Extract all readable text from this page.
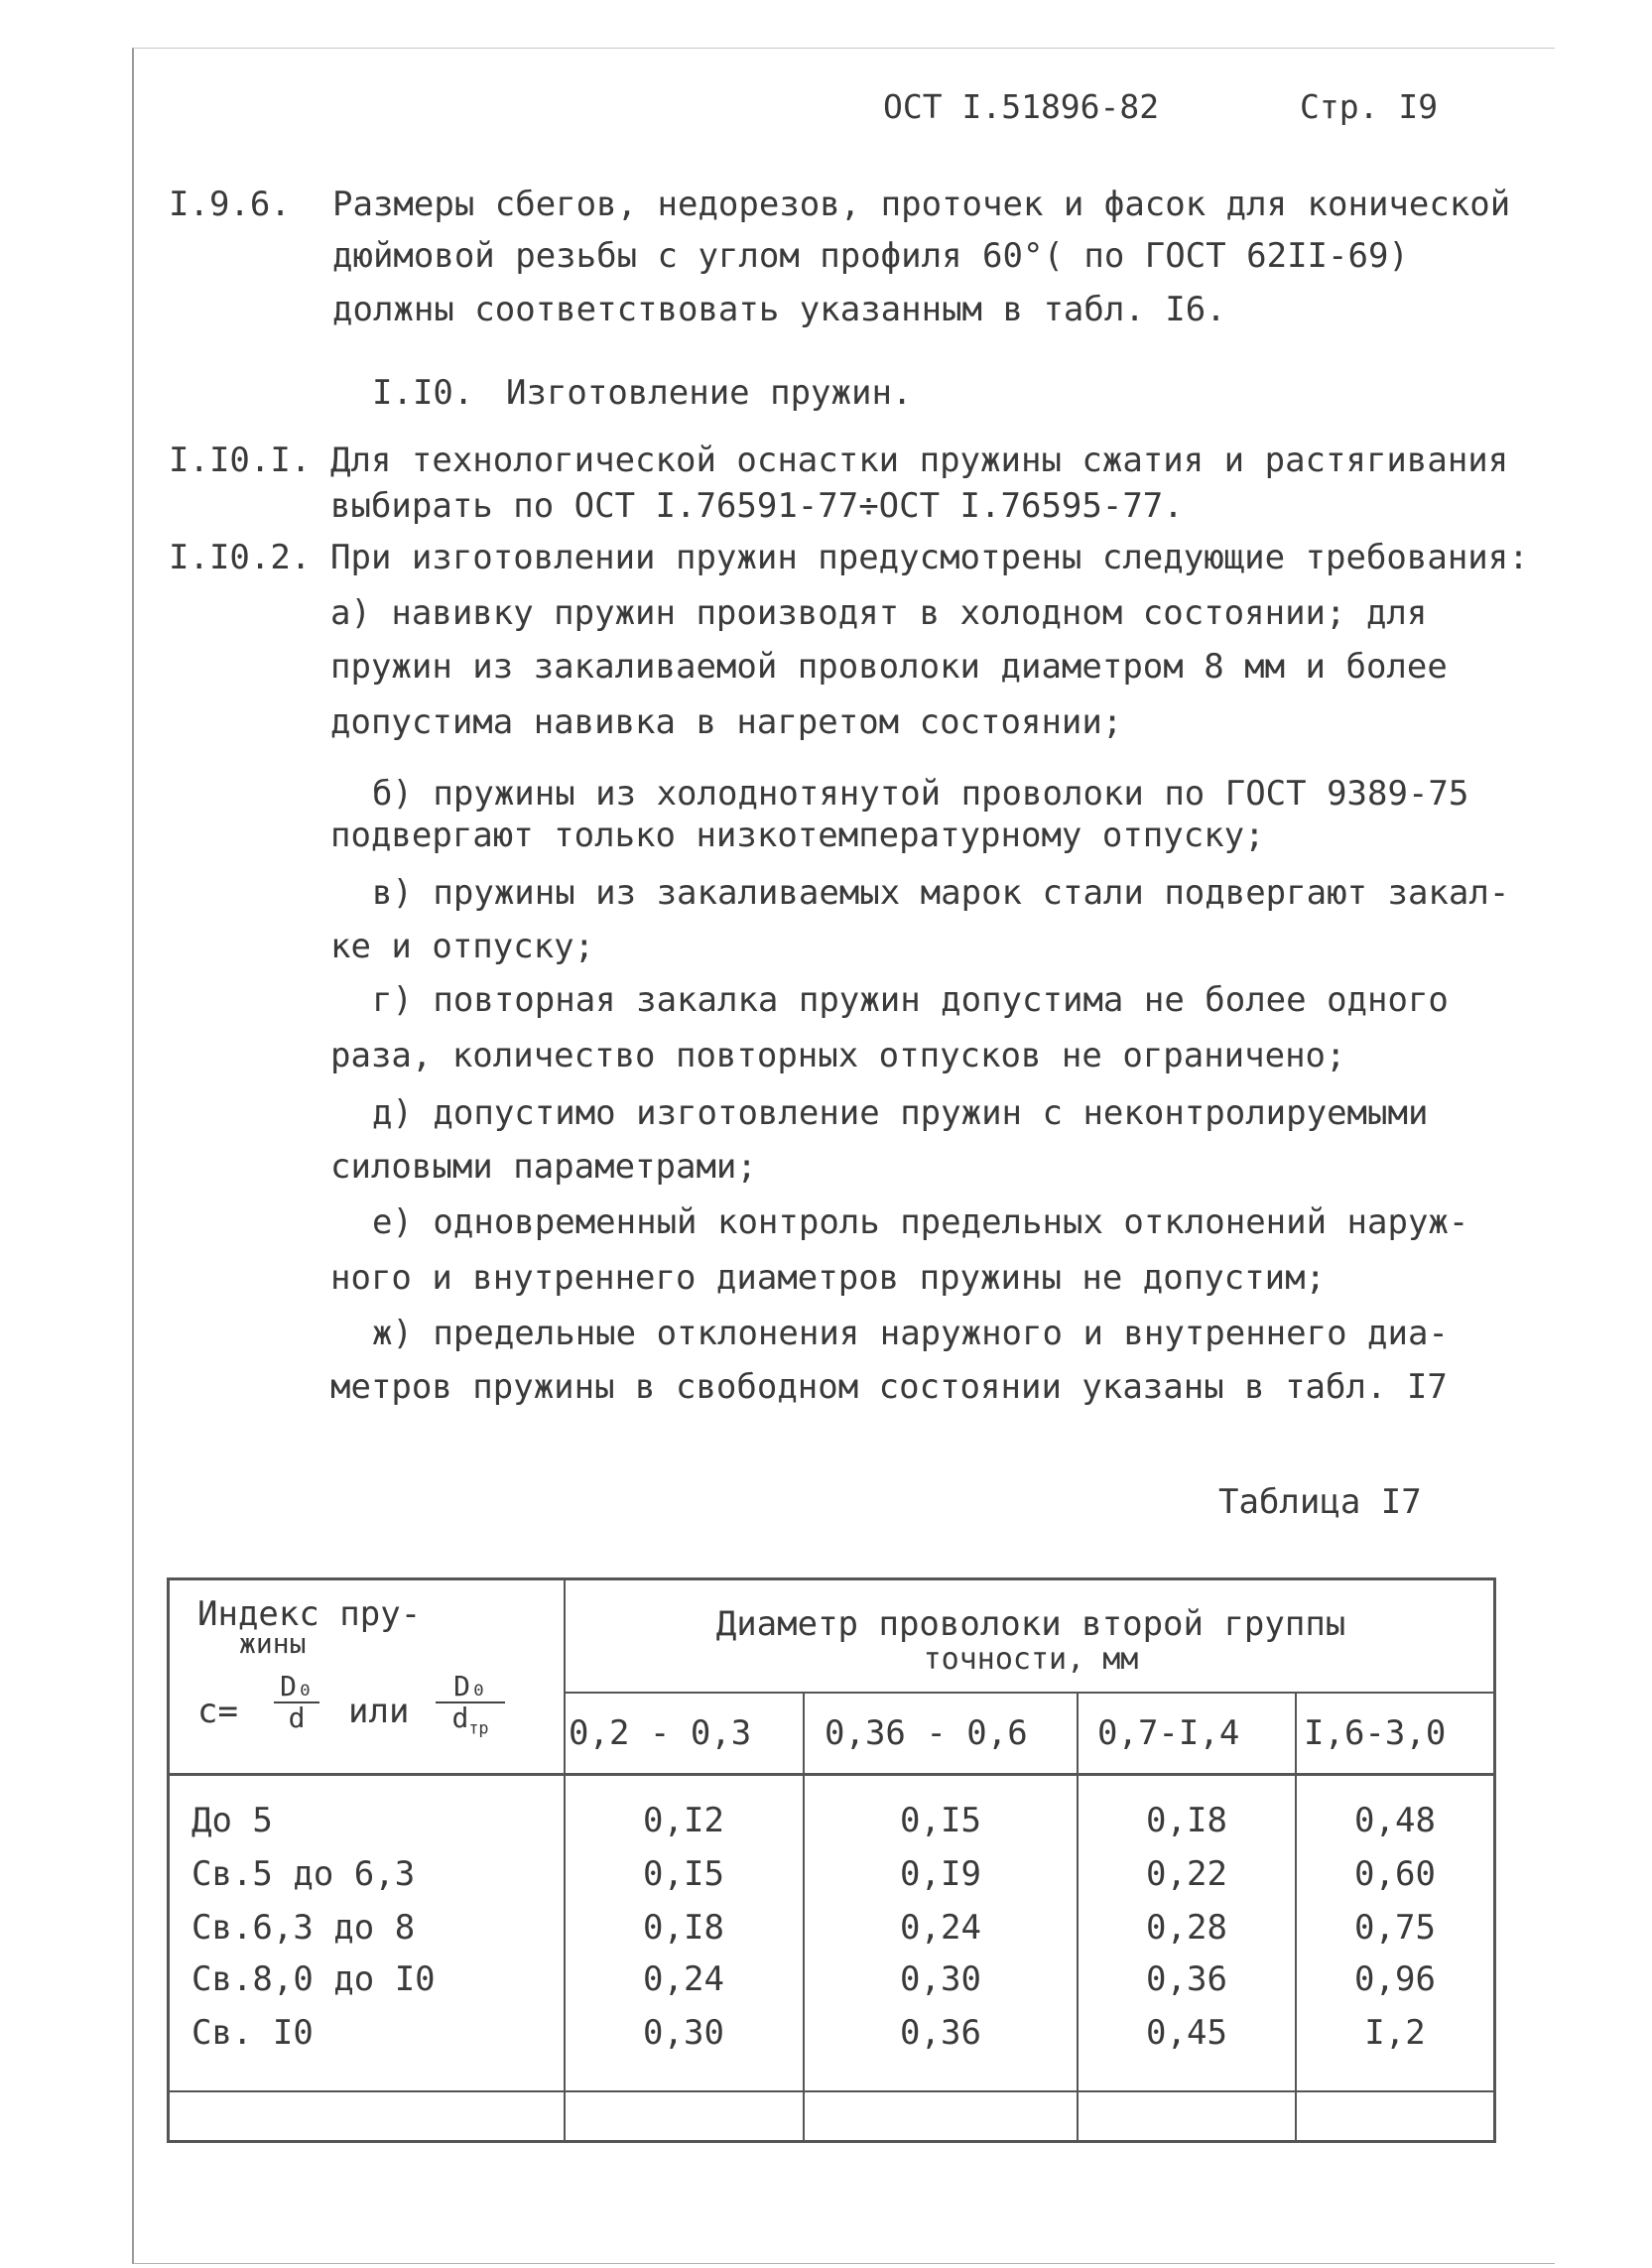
ОСТ I.51896-82	Стр. I9
I.9.6. Размеры сбегов, недорезов, проточек и фасок для конической
дюймовой резьбы с углом профиля 60°( по ГОСТ 62II-69)
должны соответствовать указанным в табл. I6.
I.I0. Изготовление пружин.
I.I0.I. Для технологической оснастки пружины сжатия и растягивания
выбирать по ОСТ I.76591-77÷ОСТ I.76595-77.
I.I0.2. При изготовлении пружин предусмотрены следующие требования:
а) навивку пружин производят в холодном состоянии; для
пружин из закаливаемой проволоки диаметром 8 мм и более
допустима навивка в нагретом состоянии;
б) пружины из холоднотянутой проволоки по ГОСТ 9389-75
подвергают только низкотемпературному отпуску;
в) пружины из закаливаемых марок стали подвергают закал-
ке и отпуску;
г) повторная закалка пружин допустима не более одного
раза, количество повторных отпусков не ограничено;
д) допустимо изготовление пружин с неконтролируемыми
силовыми параметрами;
е) одновременный контроль предельных отклонений наруж-
ного и внутреннего диаметров пружины не допустим;
ж) предельные отклонения наружного и внутреннего диа-
метров пружины в свободном состоянии указаны в табл. I7
Таблица I7
Индекс пру-
жины
$c= \frac{\text{D₀}}{d}$ или
D₀
$d_{тр}$
Диаметр проволоки второй группы
точности, мм
0,2 - 0,3 0,36 - 0,6 0,7-I,4 I,6-3,0
До 5	0,I2	0,I5	0,I8	0,48
Св.5 до 6,3	0,I5	0,I9	0,22	0,60
Св.6,3 до 8	0,I8	0,24	0,28	0,75
Св.8,0 до I0	0,24	0,30	0,36	0,96
Св. I0	0,30	0,36	0,45	I,2
